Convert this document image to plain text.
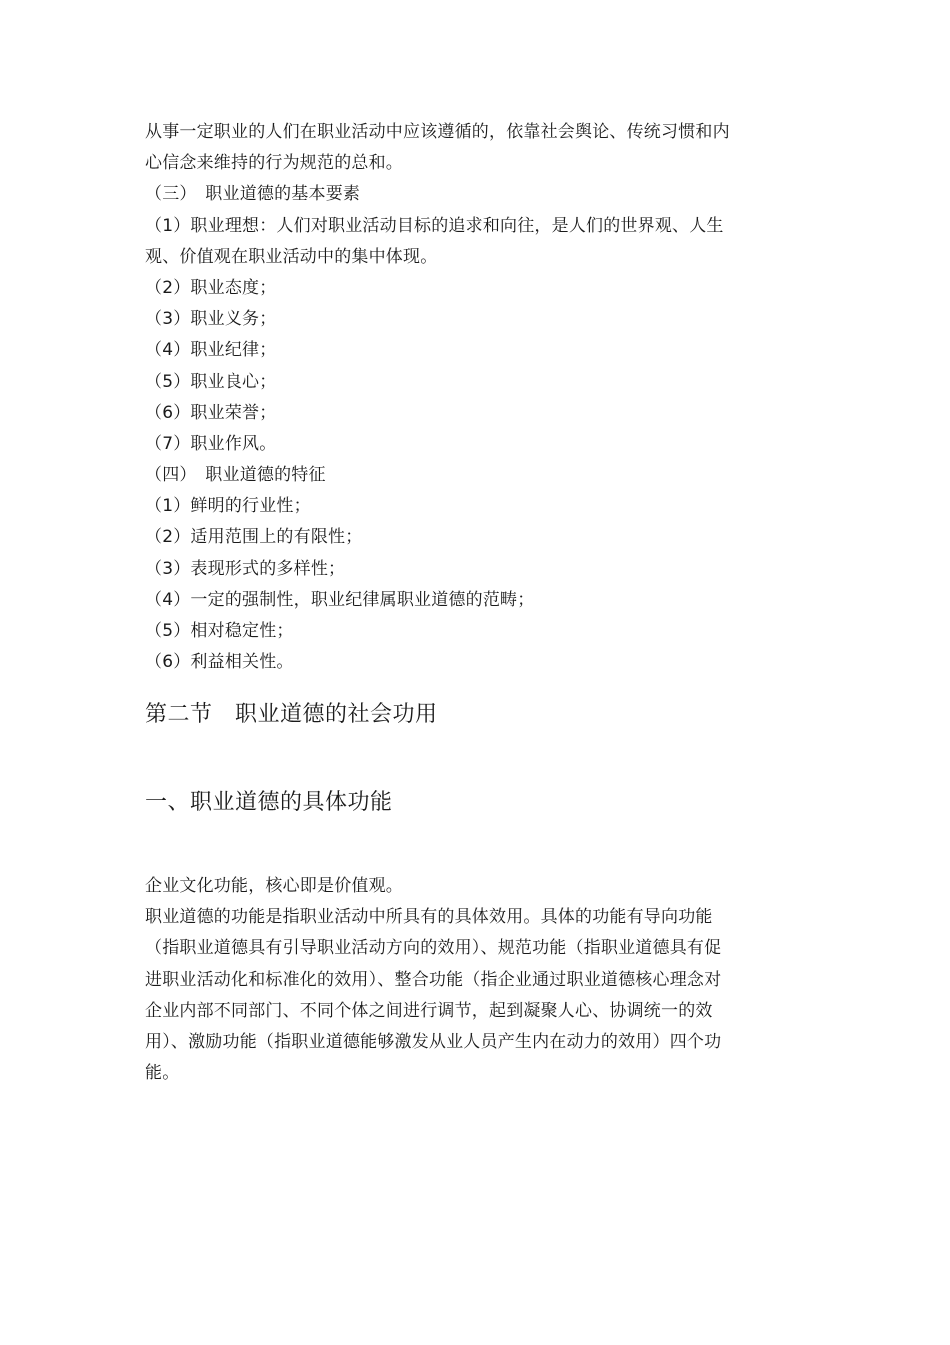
从事一定职业的人们在职业活动中应该遵循的，依靠社会舆论、传统习惯和内
心信念来维持的行为规范的总和。
（三）　职业道德的基本要素
（1）职业理想：人们对职业活动目标的追求和向往，是人们的世界观、人生
观、价值观在职业活动中的集中体现。
（2）职业态度；
（3）职业义务；
（4）职业纪律；
（5）职业良心；
（6）职业荣誉；
（7）职业作风。
（四）　职业道德的特征
（1）鲜明的行业性；
（2）适用范围上的有限性；
（3）表现形式的多样性；
（4）一定的强制性，职业纪律属职业道德的范畴；
（5）相对稳定性；
（6）利益相关性。
第二节　职业道德的社会功用
一、职业道德的具体功能
企业文化功能，核心即是价值观。
职业道德的功能是指职业活动中所具有的具体效用。具体的功能有导向功能
（指职业道德具有引导职业活动方向的效用）、规范功能（指职业道德具有促
进职业活动化和标准化的效用）、整合功能（指企业通过职业道德核心理念对
企业内部不同部门、不同个体之间进行调节，起到凝聚人心、协调统一的效
用）、激励功能（指职业道德能够激发从业人员产生内在动力的效用）四个功
能。
